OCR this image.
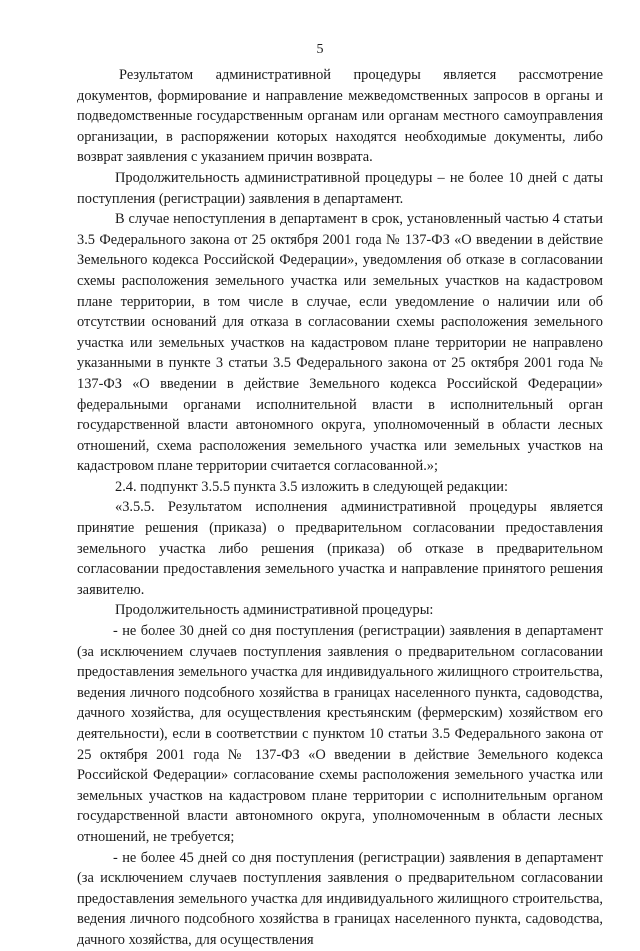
5

Результатом административной процедуры является рассмотрение документов, формирование и направление межведомственных запросов в органы и подведомственные государственным органам или органам местного самоуправления организации, в распоряжении которых находятся необходимые документы, либо возврат заявления с указанием причин возврата.

Продолжительность административной процедуры – не более 10 дней с даты поступления (регистрации) заявления в департамент.

В случае непоступления в департамент в срок, установленный частью 4 статьи 3.5 Федерального закона от 25 октября 2001 года № 137-ФЗ «О введении в действие Земельного кодекса Российской Федерации», уведомления об отказе в согласовании схемы расположения земельного участка или земельных участков на кадастровом плане территории, в том числе в случае, если уведомление о наличии или об отсутствии оснований для отказа в согласовании схемы расположения земельного участка или земельных участков на кадастровом плане территории не направлено указанными в пункте 3 статьи 3.5 Федерального закона от 25 октября 2001 года № 137-ФЗ «О введении в действие Земельного кодекса Российской Федерации» федеральными органами исполнительной власти в исполнительный орган государственной власти автономного округа, уполномоченный в области лесных отношений, схема расположения земельного участка или земельных участков на кадастровом плане территории считается согласованной.»;

2.4. подпункт 3.5.5 пункта 3.5 изложить в следующей редакции:

«3.5.5. Результатом исполнения административной процедуры является принятие решения (приказа) о предварительном согласовании предоставления земельного участка либо решения (приказа) об отказе в предварительном согласовании предоставления земельного участка и направление принятого решения заявителю.

Продолжительность административной процедуры:

- не более 30 дней со дня поступления (регистрации) заявления в департамент (за исключением случаев поступления заявления о предварительном согласовании предоставления земельного участка для индивидуального жилищного строительства, ведения личного подсобного хозяйства в границах населенного пункта, садоводства, дачного хозяйства, для осуществления крестьянским (фермерским) хозяйством его деятельности), если в соответствии с пунктом 10 статьи 3.5 Федерального закона от 25 октября 2001 года № 137-ФЗ «О введении в действие Земельного кодекса Российской Федерации» согласование схемы расположения земельного участка или земельных участков на кадастровом плане территории с исполнительным органом государственной власти автономного округа, уполномоченным в области лесных отношений, не требуется;

- не более 45 дней со дня поступления (регистрации) заявления в департамент (за исключением случаев поступления заявления о предварительном согласовании предоставления земельного участка для индивидуального жилищного строительства, ведения личного подсобного хозяйства в границах населенного пункта, садоводства, дачного хозяйства, для осуществления
